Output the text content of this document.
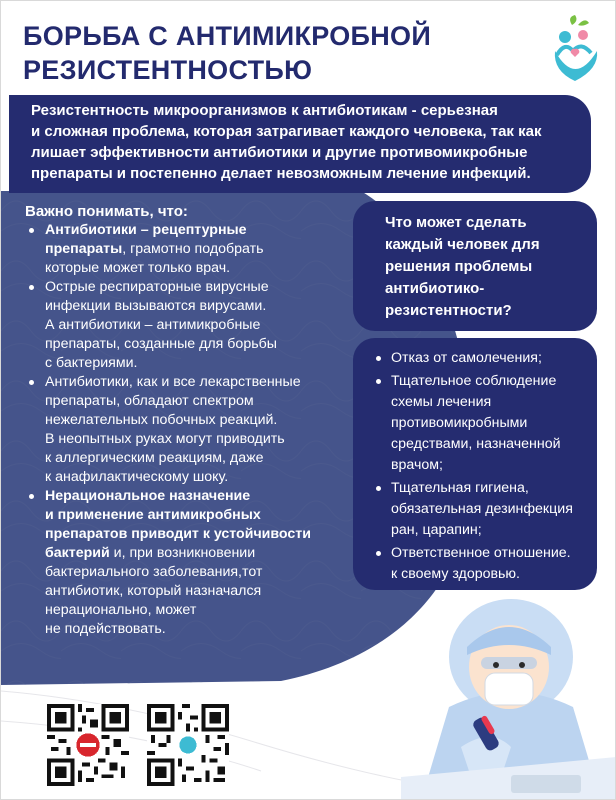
БОРЬБА С АНТИМИКРОБНОЙ
РЕЗИСТЕНТНОСТЬЮ
Резистентность микроорганизмов к антибиотикам - серьезная
и сложная проблема, которая затрагивает каждого человека, так как
лишает эффективности антибиотики и другие противомикробные
препараты и постепенно делает невозможным лечение инфекций.
Важно понимать, что:
Антибиотики – рецептурные
препараты, грамотно подобрать
которые может только врач.
Острые респираторные вирусные
инфекции вызываются вирусами.
А антибиотики – антимикробные
препараты, созданные для борьбы
с бактериями.
Антибиотики, как и все лекарственные
препараты, обладают спектром
нежелательных побочных реакций.
В неопытных руках могут приводить
к аллергическим реакциям, даже
к анафилактическому шоку.
Нерациональное назначение
и применение антимикробных
препаратов приводит к устойчивости
бактерий и, при возникновении
бактериального заболевания,тот
антибиотик, который назначался
нерационально, может
не подействовать.
Что может сделать
каждый человек для
решения проблемы
антибиотико-
резистентности?
Отказ от самолечения;
Тщательное соблюдение
схемы лечения
противомикробными
средствами, назначенной
врачом;
Тщательная гигиена,
обязательная дезинфекция
ран, царапин;
Ответственное отношение.
к своему здоровью.
